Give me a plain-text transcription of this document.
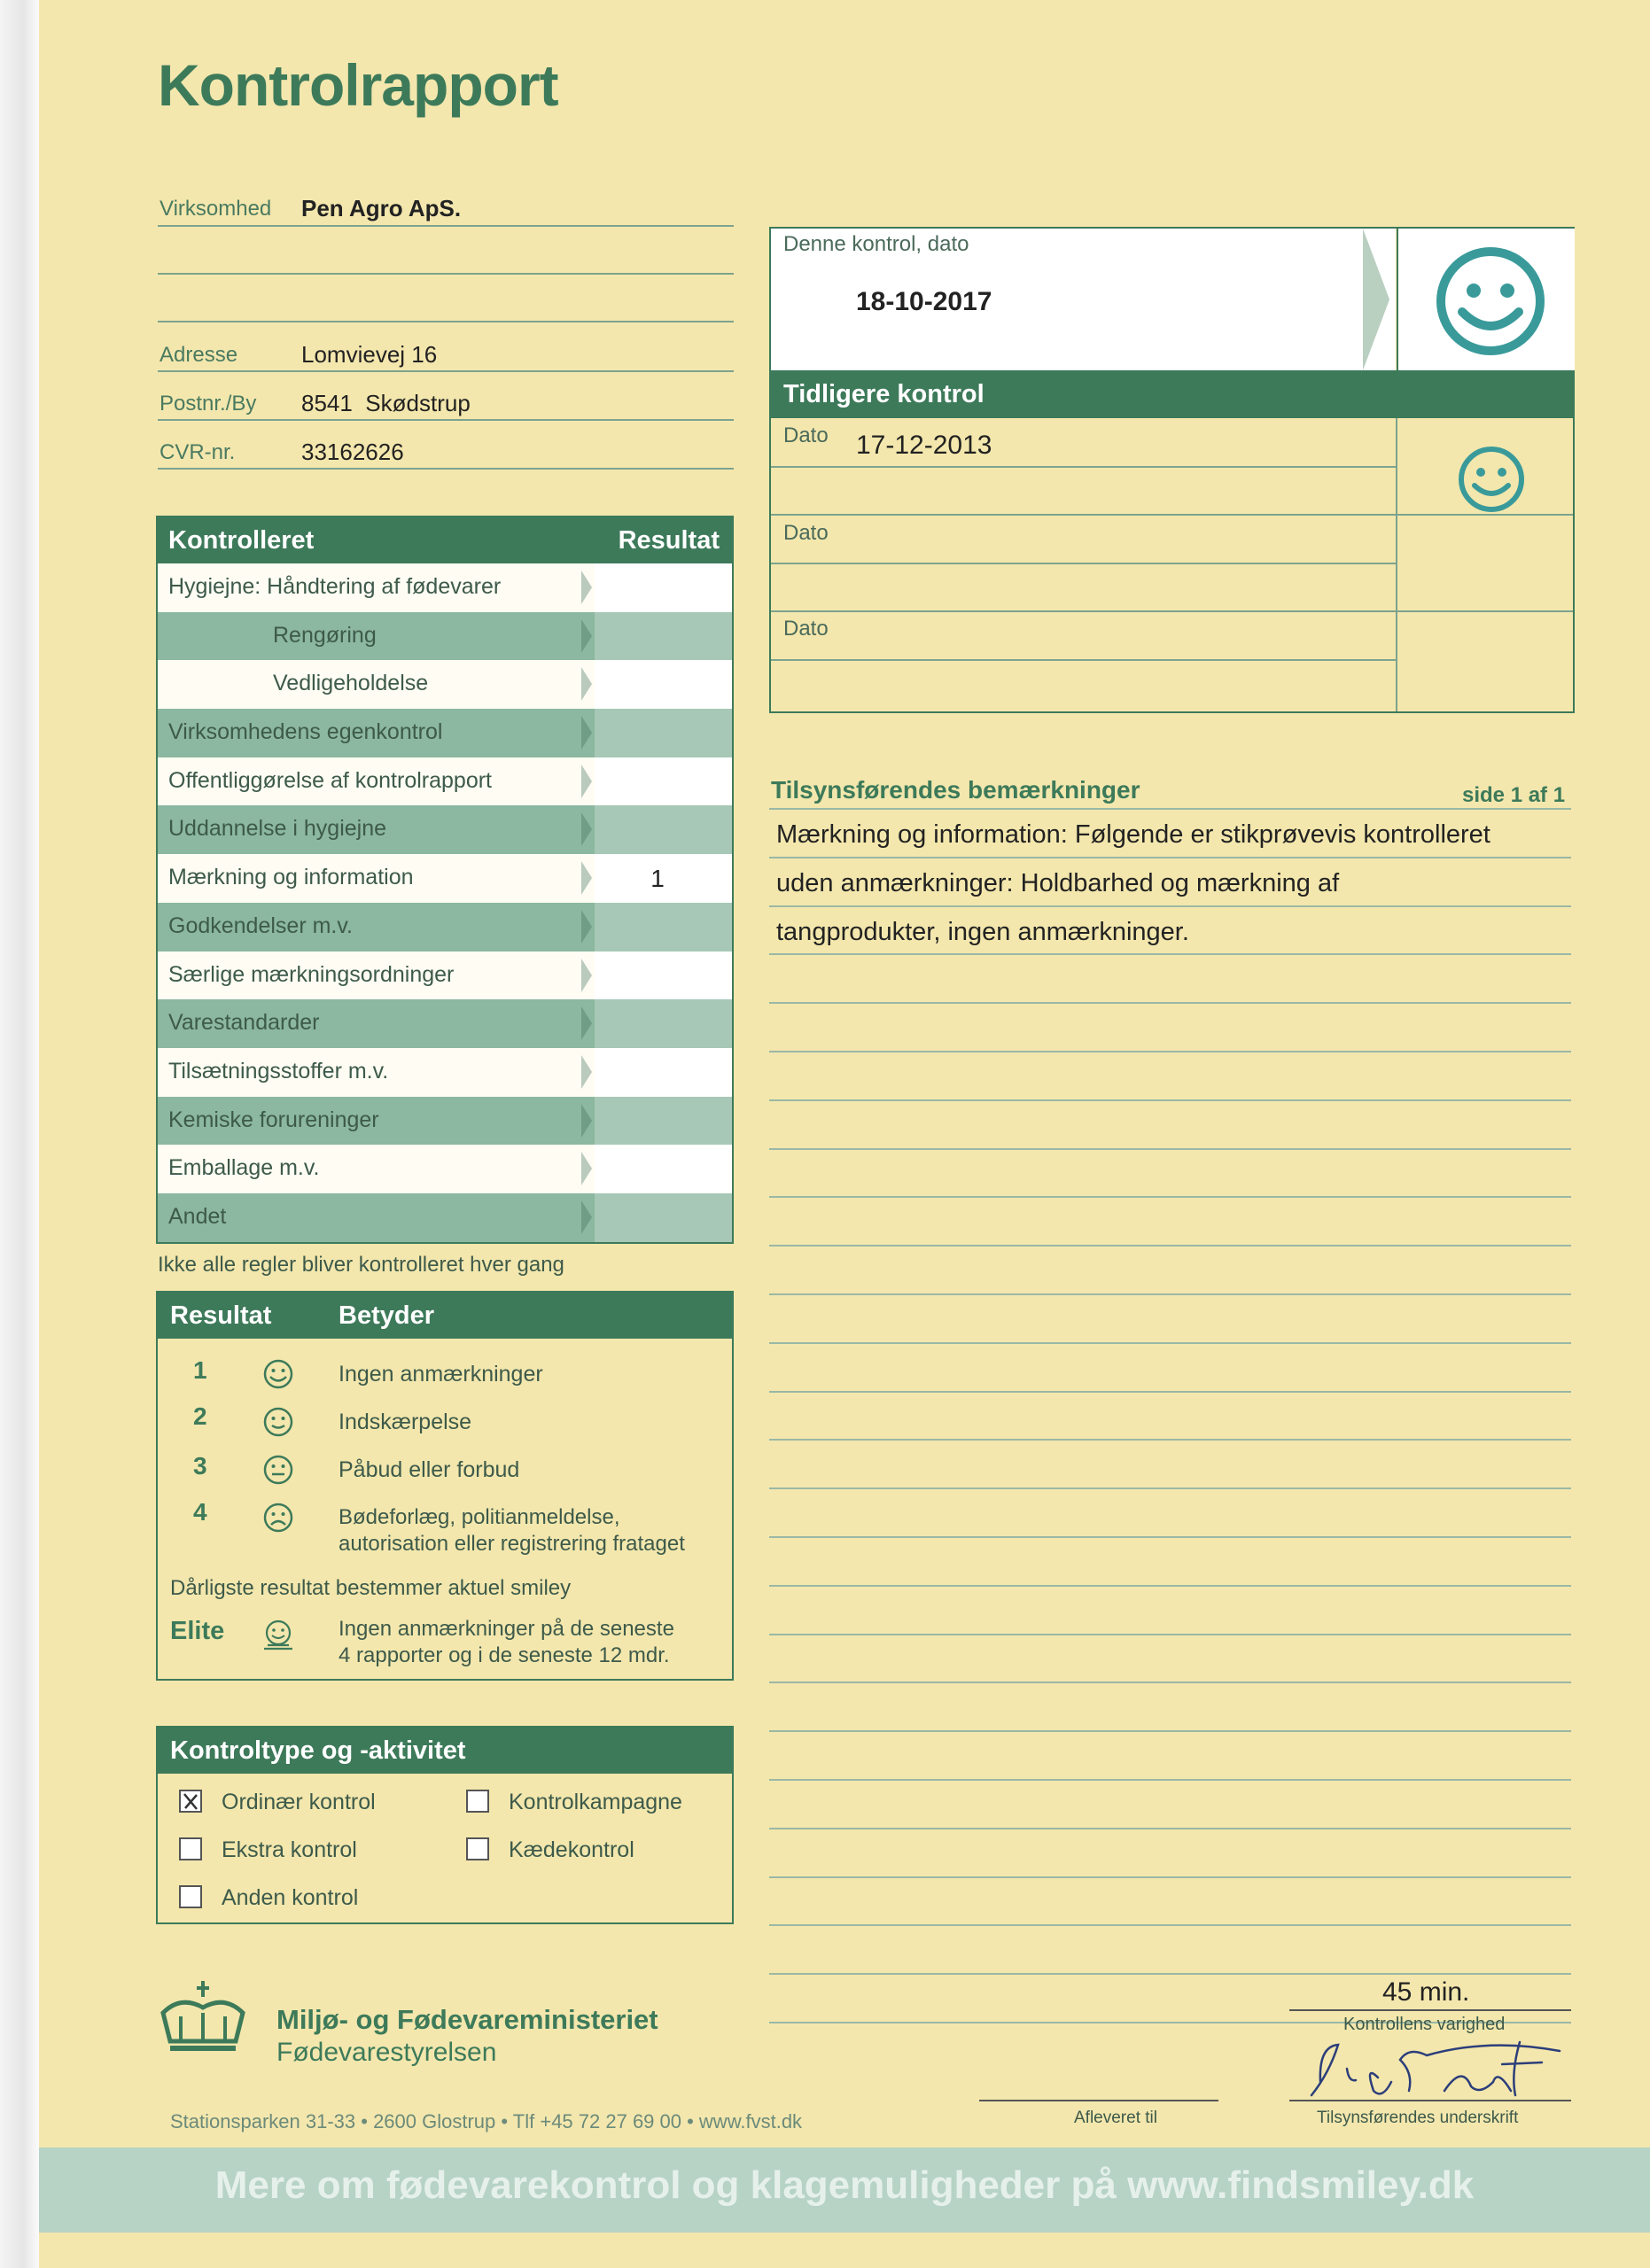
Kontrolrapport
Virksomhed Pen Agro ApS.
Adresse	Lomvievej 16
Postnr./By 8541  Skødstrup
CVR-nr.	33162626
Denne kontrol, dato
18-10-2017
Tidligere kontrol
Dato 17-12-2013
Dato
Dato
Kontrolleret	Resultat
Hygiejne: Håndtering af fødevarer
Rengøring
Vedligeholdelse
Virksomhedens egenkontrol
Offentliggørelse af kontrolrapport
Uddannelse i hygiejne
Mærkning og information	1
Godkendelser m.v.
Særlige mærkningsordninger
Varestandarder
Tilsætningsstoffer m.v.
Kemiske forureninger
Emballage m.v.
Andet
Ikke alle regler bliver kontrolleret hver gang
Resultat	Betyder
1	Ingen anmærkninger
2	Indskærpelse
3	Påbud eller forbud
4	Bødeforlæg, politianmeldelse,
autorisation eller registrering frataget
Dårligste resultat bestemmer aktuel smiley
Elite	Ingen anmærkninger på de seneste
4 rapporter og i de seneste 12 mdr.
Kontroltype og -aktivitet
Ordinær kontrol	Kontrolkampagne
Ekstra kontrol	Kædekontrol
Anden kontrol
Tilsynsførendes bemærkninger	side 1 af 1
Mærkning og information: Følgende er stikprøvevis kontrolleret
uden anmærkninger: Holdbarhed og mærkning af
tangprodukter, ingen anmærkninger.
45 min.
Kontrollens varighed
Afleveret til	Tilsynsførendes underskrift
Miljø- og Fødevareministeriet
Fødevarestyrelsen
Stationsparken 31-33 • 2600 Glostrup • Tlf +45 72 27 69 00 • www.fvst.dk
Mere om fødevarekontrol og klagemuligheder på www.findsmiley.dk
